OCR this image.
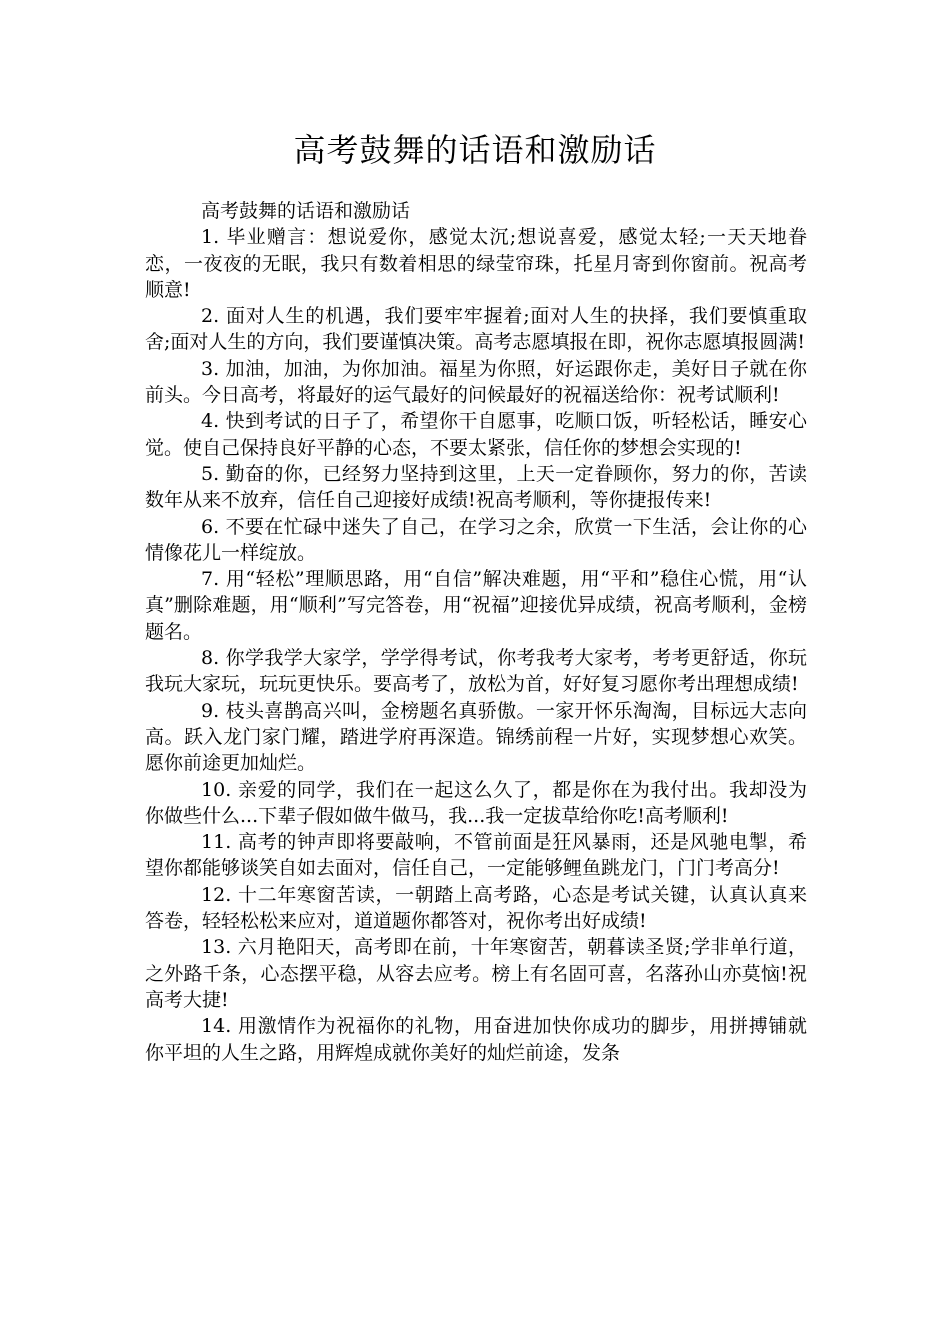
高考鼓舞的话语和激励话

高考鼓舞的话语和激励话

1. 毕业赠言：想说爱你，感觉太沉;想说喜爱，感觉太轻;一天天地眷恋，一夜夜的无眠，我只有数着相思的绿莹帘珠，托星月寄到你窗前。祝高考顺意!

2. 面对人生的机遇，我们要牢牢握着;面对人生的抉择，我们要慎重取舍;面对人生的方向，我们要谨慎决策。高考志愿填报在即，祝你志愿填报圆满!

3. 加油，加油，为你加油。福星为你照，好运跟你走，美好日子就在你前头。今日高考，将最好的运气最好的问候最好的祝福送给你：祝考试顺利!

4. 快到考试的日子了，希望你干自愿事，吃顺口饭，听轻松话，睡安心觉。使自己保持良好平静的心态，不要太紧张，信任你的梦想会实现的!

5. 勤奋的你，已经努力坚持到这里，上天一定眷顾你，努力的你，苦读数年从来不放弃，信任自己迎接好成绩!祝高考顺利，等你捷报传来!

6. 不要在忙碌中迷失了自己，在学习之余，欣赏一下生活，会让你的心情像花儿一样绽放。

7. 用“轻松”理顺思路，用“自信”解决难题，用“平和”稳住心慌，用“认真”删除难题，用“顺利”写完答卷，用“祝福”迎接优异成绩，祝高考顺利，金榜题名。

8. 你学我学大家学，学学得考试，你考我考大家考，考考更舒适，你玩我玩大家玩，玩玩更快乐。要高考了，放松为首，好好复习愿你考出理想成绩!

9. 枝头喜鹊高兴叫，金榜题名真骄傲。一家开怀乐淘淘，目标远大志向高。跃入龙门家门耀，踏进学府再深造。锦绣前程一片好，实现梦想心欢笑。愿你前途更加灿烂。

10. 亲爱的同学，我们在一起这么久了，都是你在为我付出。我却没为你做些什么...下辈子假如做牛做马，我...我一定拔草给你吃!高考顺利!

11. 高考的钟声即将要敲响，不管前面是狂风暴雨，还是风驰电掣，希望你都能够谈笑自如去面对，信任自己，一定能够鲤鱼跳龙门，门门考高分!

12. 十二年寒窗苦读，一朝踏上高考路，心态是考试关键，认真认真来答卷，轻轻松松来应对，道道题你都答对，祝你考出好成绩!

13. 六月艳阳天，高考即在前，十年寒窗苦，朝暮读圣贤;学非单行道，之外路千条，心态摆平稳，从容去应考。榜上有名固可喜，名落孙山亦莫恼!祝高考大捷!

14. 用激情作为祝福你的礼物，用奋进加快你成功的脚步，用拼搏铺就你平坦的人生之路，用辉煌成就你美好的灿烂前途，发条
